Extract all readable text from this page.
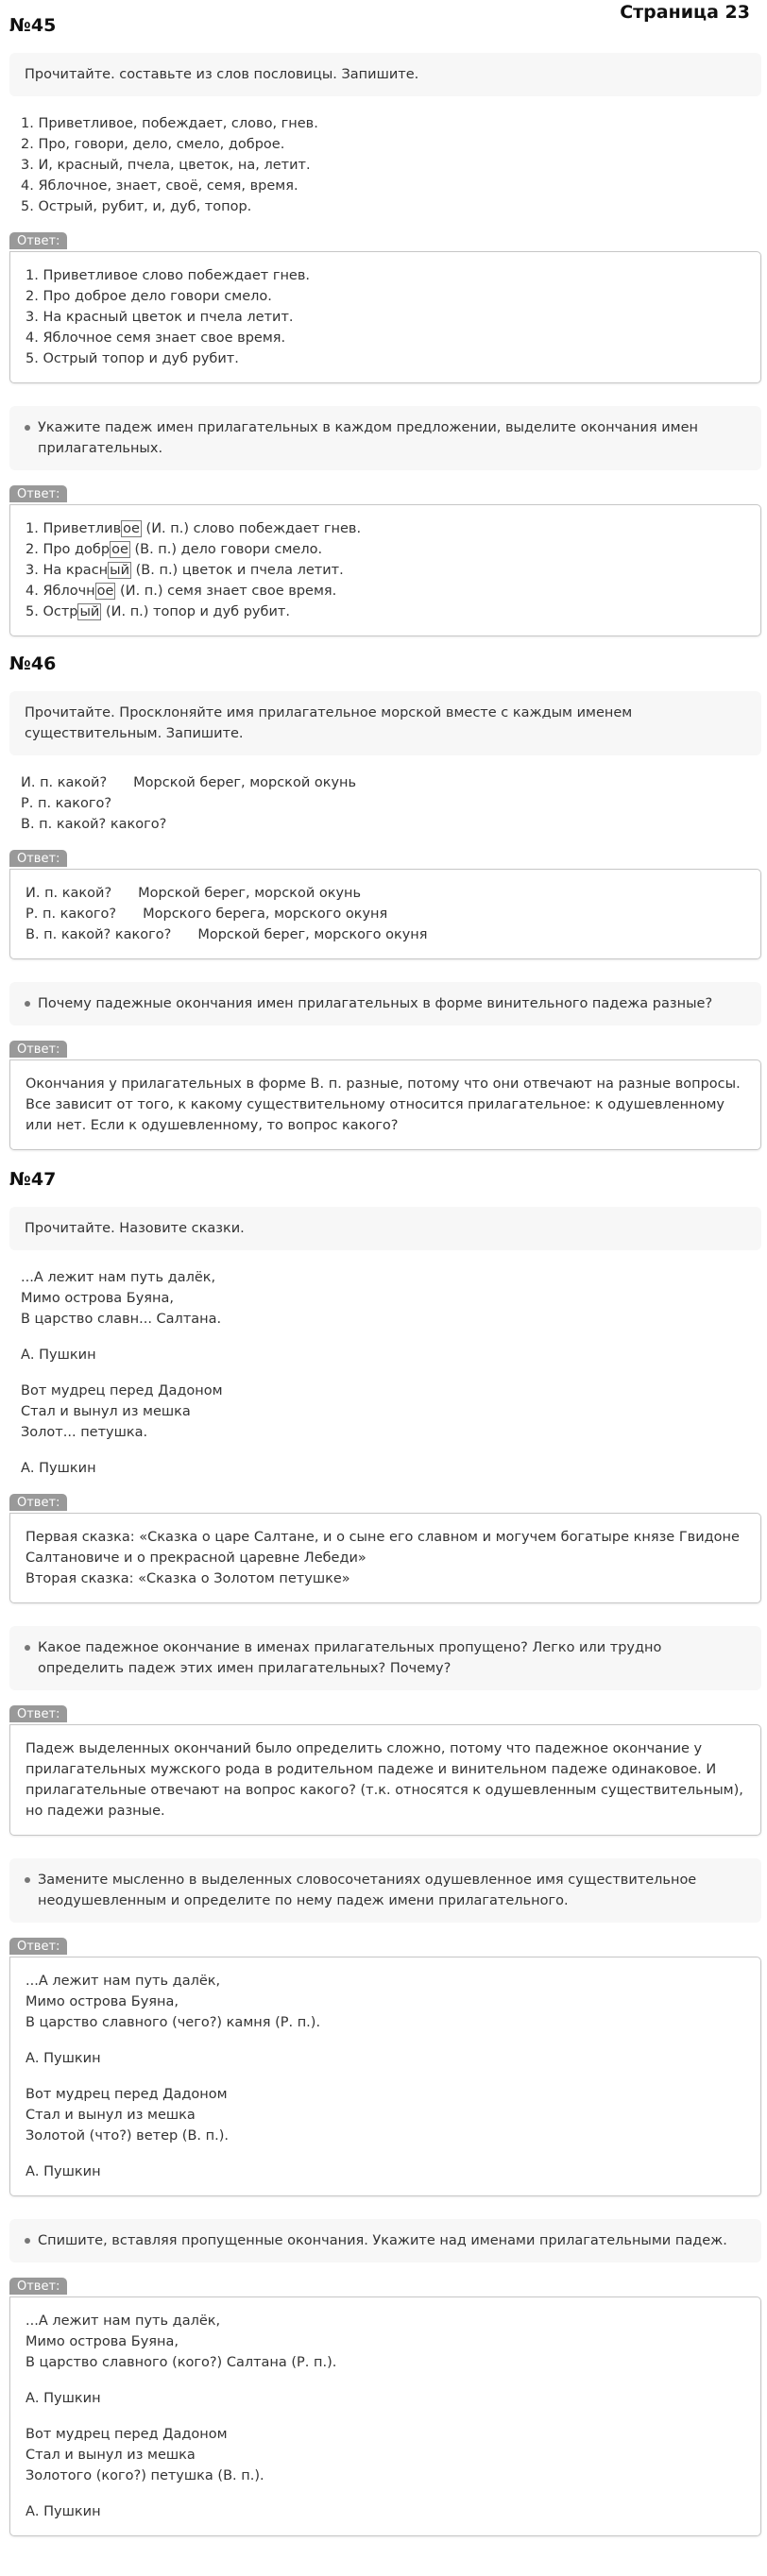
Страница 23
№45
Прочитайте. составьте из слов пословицы. Запишите.
1. Приветливое, побеждает, слово, гнев.
2. Про, говори, дело, смело, доброе.
3. И, красный, пчела, цветок, на, летит.
4. Яблочное, знает, своё, семя, время.
5. Острый, рубит, и, дуб, топор.
Ответ:
1. Приветливое слово побеждает гнев.
2. Про доброе дело говори смело.
3. На красный цветок и пчела летит.
4. Яблочное семя знает свое время.
5. Острый топор и дуб рубит.
Укажите падеж имен прилагательных в каждом предложении, выделите окончания имен прилагательных.
Ответ:
1. Приветлив ое (И. п.) слово побеждает гнев.
2. Про добр ое (В. п.) дело говори смело.
3. На красн ый (В. п.) цветок и пчела летит.
4. Яблочн ое (И. п.) семя знает свое время.
5. Остр ый (И. п.) топор и дуб рубит.
№46
Прочитайте. Просклоняйте имя прилагательное морской вместе с каждым именем существительным. Запишите.
И. п. какой? Морской берег, морской окунь
Р. п. какого?
В. п. какой? какого?
Ответ:
И. п. какой? Морской берег, морской окунь
Р. п. какого? Морского берега, морского окуня
В. п. какой? какого? Морской берег, морского окуня
Почему падежные окончания имен прилагательных в форме винительного падежа разные?
Ответ:
Окончания у прилагательных в форме В. п. разные, потому что они отвечают на разные вопросы. Все зависит от того, к какому существительному относится прилагательное: к одушевленному или нет. Если к одушевленному, то вопрос какого?
№47
Прочитайте. Назовите сказки.
...А лежит нам путь далёк,
Мимо острова Буяна,
В царство славн... Салтана.
А. Пушкин
Вот мудрец перед Дадоном
Стал и вынул из мешка
Золот... петушка.
А. Пушкин
Ответ:
Первая сказка: «Сказка о царе Салтане, и о сыне его славном и могучем богатыре князе Гвидоне Салтановиче и о прекрасной царевне Лебеди»
Вторая сказка: «Сказка о Золотом петушке»
Какое падежное окончание в именах прилагательных пропущено? Легко или трудно определить падеж этих имен прилагательных? Почему?
Ответ:
Падеж выделенных окончаний было определить сложно, потому что падежное окончание у прилагательных мужского рода в родительном падеже и винительном падеже одинаковое. И прилагательные отвечают на вопрос какого? (т.к. относятся к одушевленным существительным), но падежи разные.
Замените мысленно в выделенных словосочетаниях одушевленное имя существительное неодушевленным и определите по нему падеж имени прилагательного.
Ответ:
...А лежит нам путь далёк,
Мимо острова Буяна,
В царство славного (чего?) камня (Р. п.).
А. Пушкин
Вот мудрец перед Дадоном
Стал и вынул из мешка
Золотой (что?) ветер (В. п.).
А. Пушкин
Спишите, вставляя пропущенные окончания. Укажите над именами прилагательными падеж.
Ответ:
...А лежит нам путь далёк,
Мимо острова Буяна,
В царство славного (кого?) Салтана (Р. п.).
А. Пушкин
Вот мудрец перед Дадоном
Стал и вынул из мешка
Золотого (кого?) петушка (В. п.).
А. Пушкин
